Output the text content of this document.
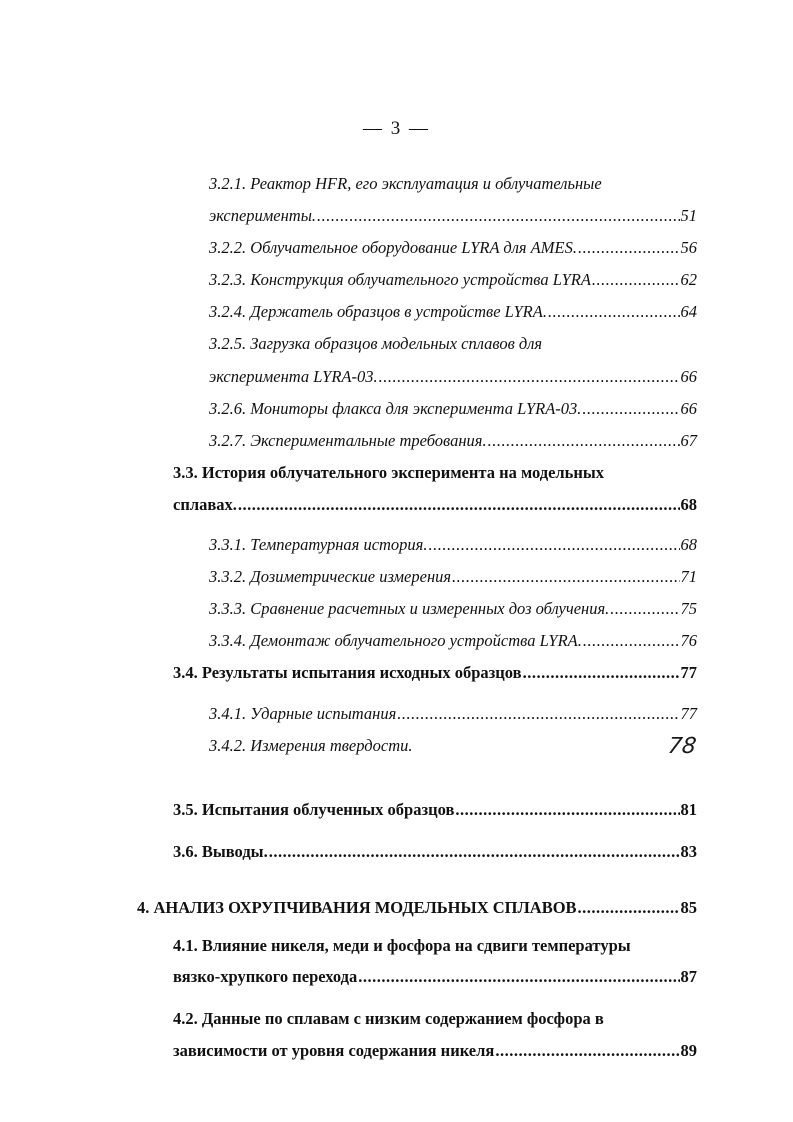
— 3 —
3.2.1. Реактор HFR, его эксплуатация и облучательные
эксперименты. .....	51
3.2.2. Облучательное оборудование LYRA для AMES. .....	56
3.2.3. Конструкция облучательного устройства LYRA .....	62
3.2.4. Держатель образцов в устройстве LYRA. .....	64
3.2.5. Загрузка образцов модельных сплавов для
эксперимента LYRA-03. .....	66
3.2.6. Мониторы флакса для эксперимента LYRA-03. .....	66
3.2.7. Экспериментальные требования. .....	67
3.3. История облучательного эксперимента на модельных
сплавах. .....	68
3.3.1. Температурная история. .....	68
3.3.2. Дозиметрические измерения .....	71
3.3.3. Сравнение расчетных и измеренных доз облучения. .....	75
3.3.4. Демонтаж облучательного устройства LYRA. .....	76
3.4. Результаты испытания исходных образцов .....	77
3.4.1. Ударные испытания .....	77
3.4.2. Измерения твердости.	78
3.5. Испытания облученных образцов .....	81
3.6. Выводы. .....	83
4. АНАЛИЗ ОХРУПЧИВАНИЯ МОДЕЛЬНЫХ СПЛАВОВ .....	85
4.1. Влияние никеля, меди и фосфора на сдвиги температуры
вязко-хрупкого перехода .....	87
4.2. Данные по сплавам с низким содержанием фосфора в
зависимости от уровня содержания никеля .....	89
